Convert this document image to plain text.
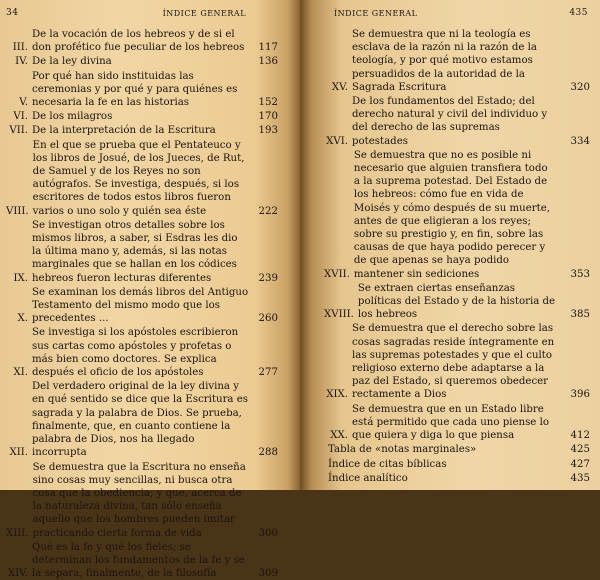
34	ÍNDICE GENERAL
III.
De la vocación de los hebreos y de si el don profético fue peculiar de los hebreos	117
IV. De la ley divina	136
V.
Por qué han sido instituidas las ceremonias y por qué y para quiénes es necesaria la fe en las historias	152
VI. De los milagros	170
VII. De la interpretación de la Escritura	193
VIII.
En el que se prueba que el Pentateuco y los libros de Josué, de los Jueces, de Rut, de Samuel y de los Reyes no son autógrafos. Se investiga, después, si los escritores de todos estos libros fueron varios o uno solo y quién sea éste	222
IX.
Se investigan otros detalles sobre los mismos libros, a saber, si Esdras les dio la última mano y, además, si las notas marginales que se hallan en los códices hebreos fueron lecturas diferentes	239
X.
Se examinan los demás libros del Antiguo Testamento del mismo modo que los precedentes ...	260
XI.
Se investiga si los apóstoles escribieron sus cartas como apóstoles y profetas o más bien como doctores. Se explica después el oficio de los apóstoles	277
XII.
Del verdadero original de la ley divina y en qué sentido se dice que la Escritura es sagrada y la palabra de Dios. Se prueba, finalmente, que, en cuanto contiene la palabra de Dios, nos ha llegado incorrupta	288
XIII.
Se demuestra que la Escritura no enseña sino cosas muy sencillas, ni busca otra cosa que la obediencia; y que, acerca de la naturaleza divina, tan sólo enseña aquello que los hombres pueden imitar practicando cierta forma de vida	300
XIV.
Qué es la fe y qué los fieles; se determinan los fundamentos de la fe y se la separa, finalmente, de la filosofía	309
ÍNDICE GENERAL	435
XV.
Se demuestra que ni la teología es esclava de la razón ni la razón de la teología, y por qué motivo estamos persuadidos de la autoridad de la Sagrada Escritura	320
XVI.
De los fundamentos del Estado; del derecho natural y civil del individuo y del derecho de las supremas potestades	334
XVII.
Se demuestra que no es posible ni necesario que alguien transfiera todo a la suprema potestad. Del Estado de los hebreos: cómo fue en vida de Moisés y cómo después de su muerte, antes de que eligieran a los reyes; sobre su prestigio y, en fin, sobre las causas de que haya podido perecer y de que apenas se haya podido mantener sin sediciones	353
XVIII.
Se extraen ciertas enseñanzas políticas del Estado y de la historia de los hebreos	385
XIX.
Se demuestra que el derecho sobre las cosas sagradas reside íntegramente en las supremas potestades y que el culto religioso externo debe adaptarse a la paz del Estado, si queremos obedecer rectamente a Dios	396
XX.
Se demuestra que en un Estado libre está permitido que cada uno piense lo que quiera y diga lo que piensa	412
Tabla de «notas marginales»	425
Índice de citas bíblicas	427
Índice analítico	435
